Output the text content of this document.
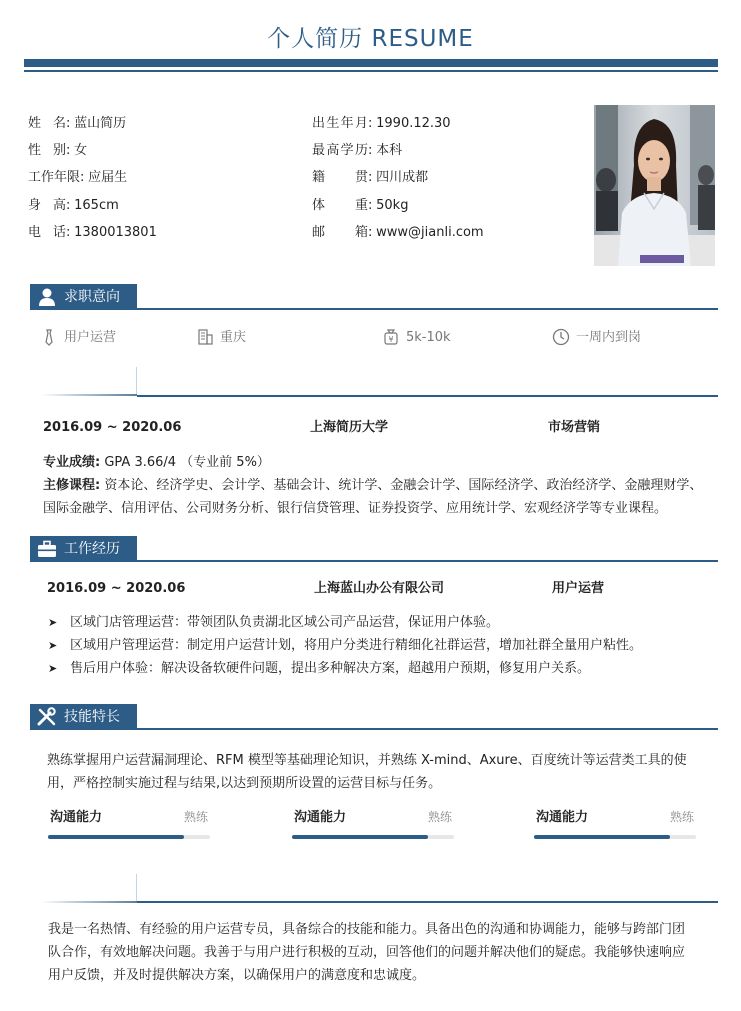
个人简历 RESUME
姓名: 蓝山简历
性别: 女
工作年限: 应届生
身高: 165cm
电话: 1380013801
出生年月: 1990.12.30
最高学历: 本科
籍贯: 四川成都
体重: 50kg
邮箱: www@jianli.com
求职意向
用户运营	重庆	¥ 5k-10k	一周内到岗
2016.09 ~ 2020.06	上海简历大学	市场营销
专业成绩: GPA 3.66/4 （专业前 5%）
主修课程: 资本论、经济学史、会计学、基础会计、统计学、金融会计学、国际经济学、政治经济学、金融理财学、
国际金融学、信用评估、公司财务分析、银行信贷管理、证券投资学、应用统计学、宏观经济学等专业课程。
工作经历
2016.09 ~ 2020.06	上海蓝山办公有限公司	用户运营
➤ 区域门店管理运营：带领团队负责湖北区域公司产品运营，保证用户体验。
➤ 区域用户管理运营：制定用户运营计划，将用户分类进行精细化社群运营，增加社群全量用户粘性。
➤ 售后用户体验：解决设备软硬件问题，提出多种解决方案，超越用户预期，修复用户关系。
技能特长
熟练掌握用户运营漏洞理论、RFM 模型等基础理论知识，并熟练 X-mind、Axure、百度统计等运营类工具的使
用，严格控制实施过程与结果,以达到预期所设置的运营目标与任务。
沟通能力	熟练	沟通能力	熟练	沟通能力	熟练
我是一名热情、有经验的用户运营专员，具备综合的技能和能力。具备出色的沟通和协调能力，能够与跨部门团
队合作，有效地解决问题。我善于与用户进行积极的互动，回答他们的问题并解决他们的疑虑。我能够快速响应
用户反馈，并及时提供解决方案，以确保用户的满意度和忠诚度。
